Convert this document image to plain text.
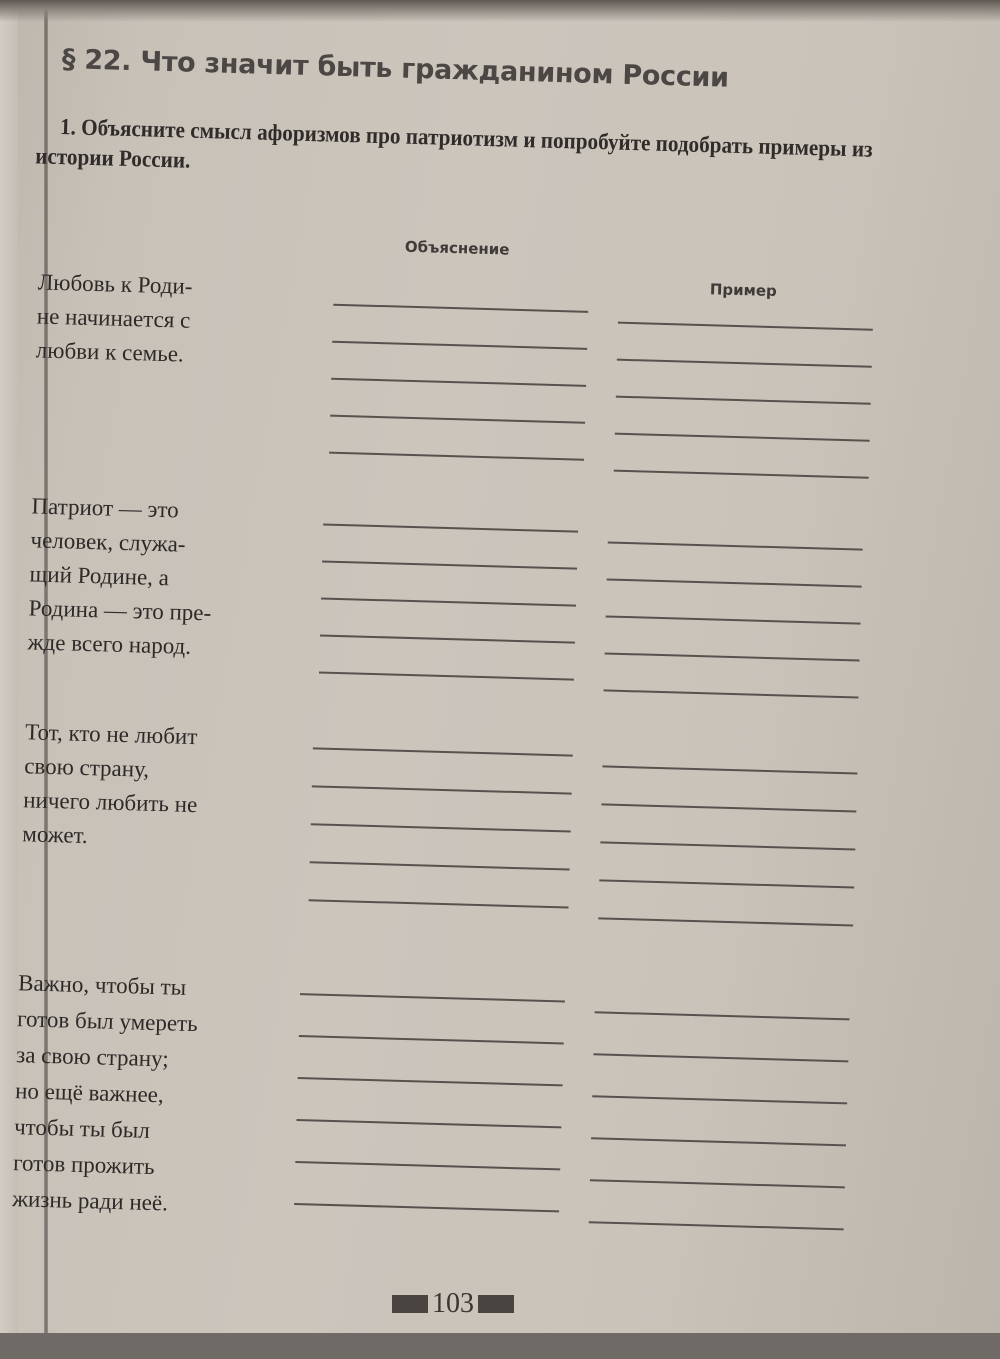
§ 22. Что значит быть гражданином России
1. Объясните смысл афоризмов про патриотизм и попробуйте подобрать примеры из истории России.
Объяснение
Пример
Любовь к Роди-
не начинается с
любви к семье.
Патриот — это
человек, служа-
щий Родине, а
Родина — это пре-
жде всего народ.
Тот, кто не любит
свою страну,
ничего любить не
может.
Важно, чтобы ты
готов был умереть
за свою страну;
но ещё важнее,
чтобы ты был
готов прожить
жизнь ради неё.
103
